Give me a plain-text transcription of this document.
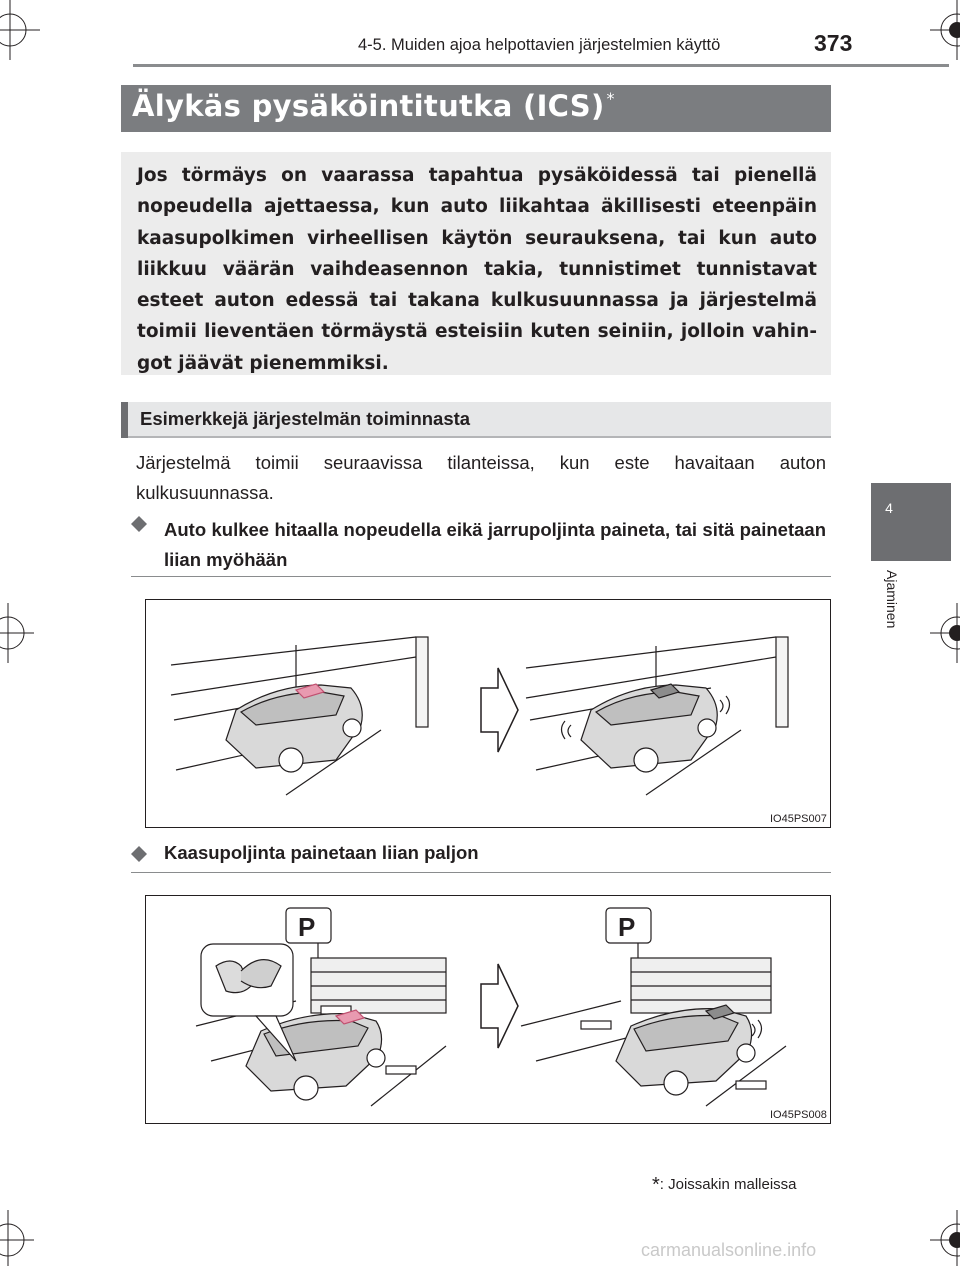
4-5. Muiden ajoa helpottavien järjestelmien käyttö	373
4
Ajaminen
Älykäs pysäköintitutka (ICS) *
Jos törmäys on vaarassa tapahtua pysäköidessä tai pienellä nopeudella ajettaessa, kun auto liikahtaa äkillisesti eteenpäin kaasupolkimen virheellisen käytön seurauksena, tai kun auto liikkuu väärän vaihdeasennon takia, tunnistimet tunnistavat esteet auton edessä tai takana kulkusuunnassa ja järjestelmä toimii lieventäen törmäystä esteisiin kuten seiniin, jolloin vahin- got jäävät pienemmiksi.
Esimerkkejä järjestelmän toiminnasta
Järjestelmä toimii seuraavissa tilanteissa, kun este havaitaan auton kulkusuunnassa.
Auto kulkee hitaalla nopeudella eikä jarrupoljinta paineta, tai sitä painetaan liian myöhään
IO45PS007
Kaasupoljinta painetaan liian paljon
P	P
IO45PS008
*: Joissakin malleissa
carmanualsonline.info
